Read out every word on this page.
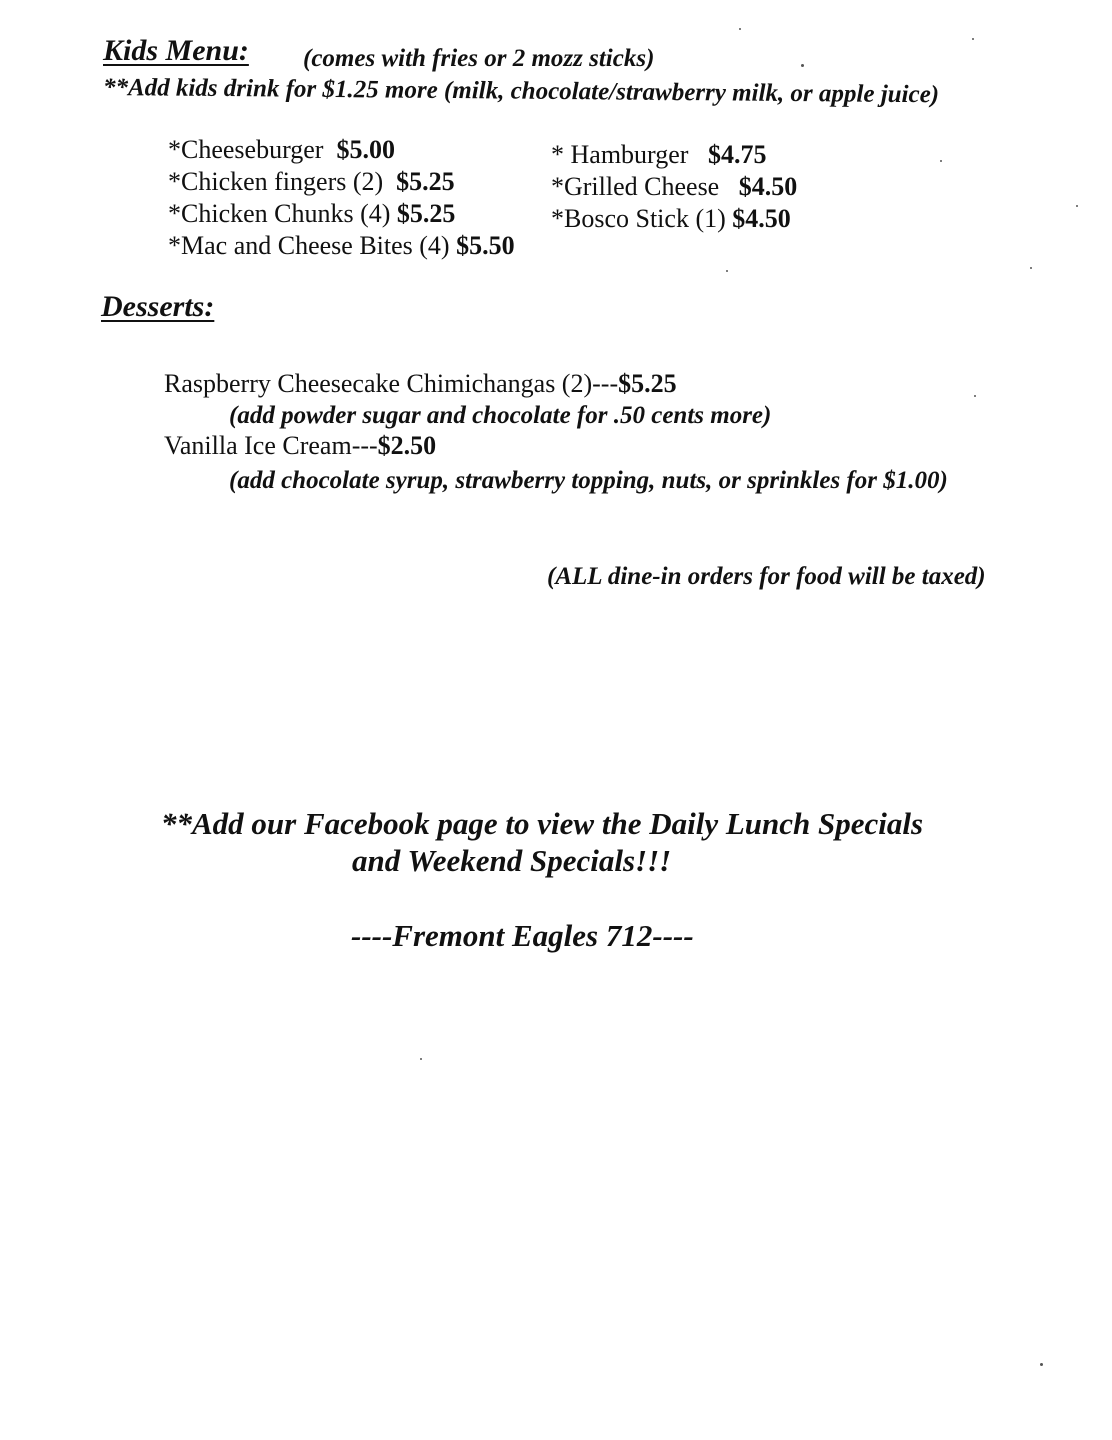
Kids Menu: (comes with fries or 2 mozz sticks)
**Add kids drink for $1.25 more (milk, chocolate/strawberry milk, or apple juice)
*Cheeseburger $5.00
*Chicken fingers (2) $5.25
*Chicken Chunks (4) $5.25
*Mac and Cheese Bites (4) $5.50
* Hamburger $4.75
*Grilled Cheese $4.50
*Bosco Stick (1) $4.50
Desserts:
Raspberry Cheesecake Chimichangas (2)---$5.25
(add powder sugar and chocolate for .50 cents more)
Vanilla Ice Cream---$2.50
(add chocolate syrup, strawberry topping, nuts, or sprinkles for $1.00)
(ALL dine-in orders for food will be taxed)
**Add our Facebook page to view the Daily Lunch Specials
and Weekend Specials!!!
----Fremont Eagles 712----
